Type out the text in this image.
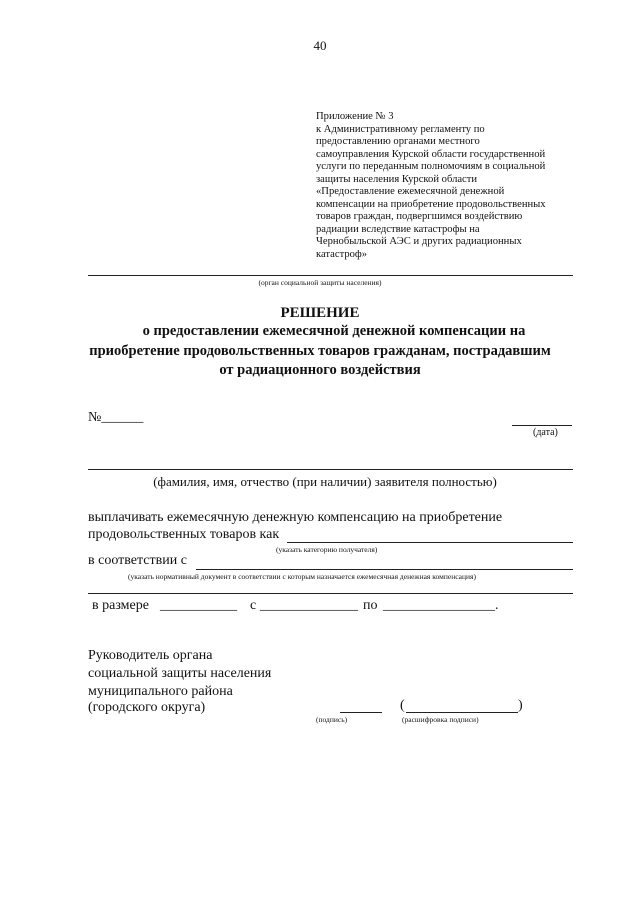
40
Приложение № 3
к Административному регламенту по
предоставлению органами местного
самоуправления Курской области государственной
услуги по переданным полномочиям в социальной
защиты населения Курской области
«Предоставление ежемесячной денежной
компенсации на приобретение продовольственных
товаров граждан, подвергшимся воздействию
радиации вследствие катастрофы на
Чернобыльской АЭС и других радиационных
катастроф»
(орган социальной защиты населения)
РЕШЕНИЕ
о предоставлении ежемесячной денежной компенсации на
приобретение продовольственных товаров гражданам, пострадавшим
от радиационного воздействия
№______
(дата)
(фамилия, имя, отчество (при наличии) заявителя полностью)
выплачивать ежемесячную денежную компенсацию на приобретение
продовольственных товаров как
(указать категорию получателя)
в соответствии с
(указать нормативный документ в соответствии с которым назначается ежемесячная денежная компенсация)
в размере ___________ с ______________ по ________________.
Руководитель органа
социальной защиты населения
муниципального района
(городского округа)
(подпись)
(	)
(расшифровка подписи)
